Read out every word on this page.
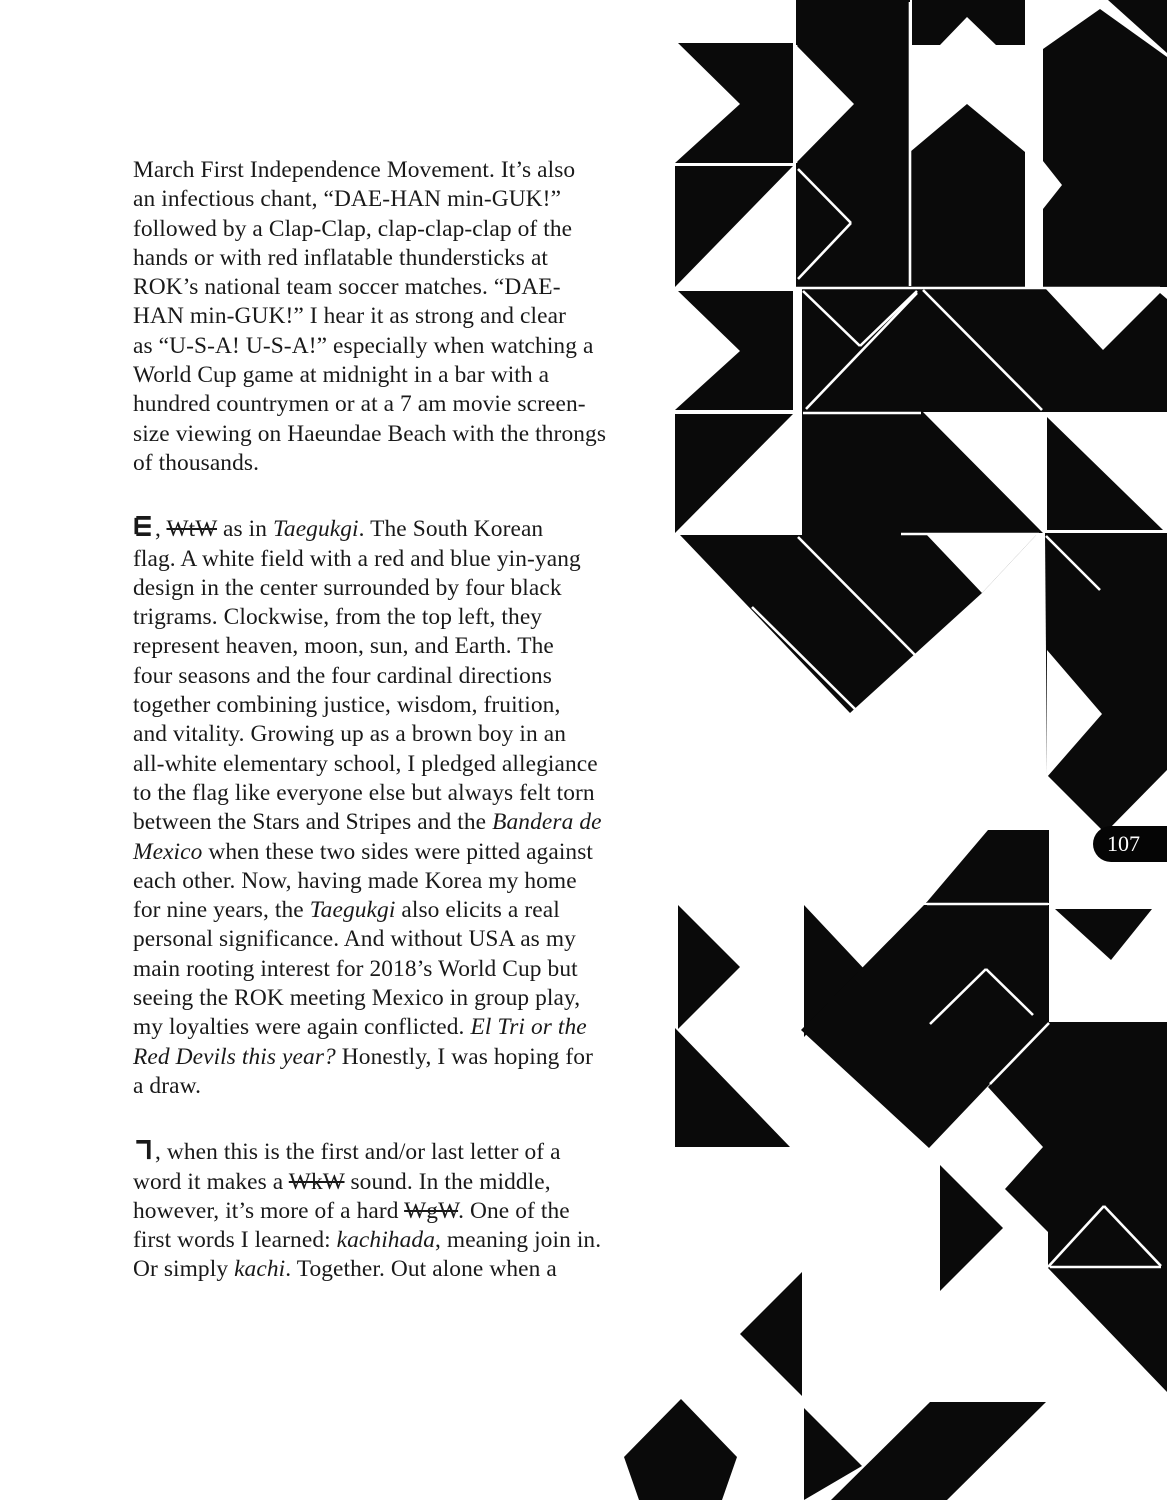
March First Independence Movement. It’s also
an infectious chant, “DAE-HAN min-GUK!”
followed by a Clap-Clap, clap-clap-clap of the
hands or with red inflatable thundersticks at
ROK’s national team soccer matches. “DAE-
HAN min-GUK!” I hear it as strong and clear
as “U-S-A! U-S-A!” especially when watching a
World Cup game at midnight in a bar with a
hundred countrymen or at a 7 am movie screen-
size viewing on Haeundae Beach with the throngs
of thousands.
, WtW as in Taegukgi. The South Korean
flag. A white field with a red and blue yin-yang
design in the center surrounded by four black
trigrams. Clockwise, from the top left, they
represent heaven, moon, sun, and Earth. The
four seasons and the four cardinal directions
together combining justice, wisdom, fruition,
and vitality. Growing up as a brown boy in an
all-white elementary school, I pledged allegiance
to the flag like everyone else but always felt torn
between the Stars and Stripes and the Bandera de
Mexico when these two sides were pitted against
each other. Now, having made Korea my home
for nine years, the Taegukgi also elicits a real
personal significance. And without USA as my
main rooting interest for 2018’s World Cup but
seeing the ROK meeting Mexico in group play,
my loyalties were again conflicted. El Tri or the
Red Devils this year? Honestly, I was hoping for
a draw.
, when this is the first and/or last letter of a
word it makes a WkW sound. In the middle,
however, it’s more of a hard WgW. One of the
first words I learned: kachihada, meaning join in.
Or simply kachi. Together. Out alone when a
107
